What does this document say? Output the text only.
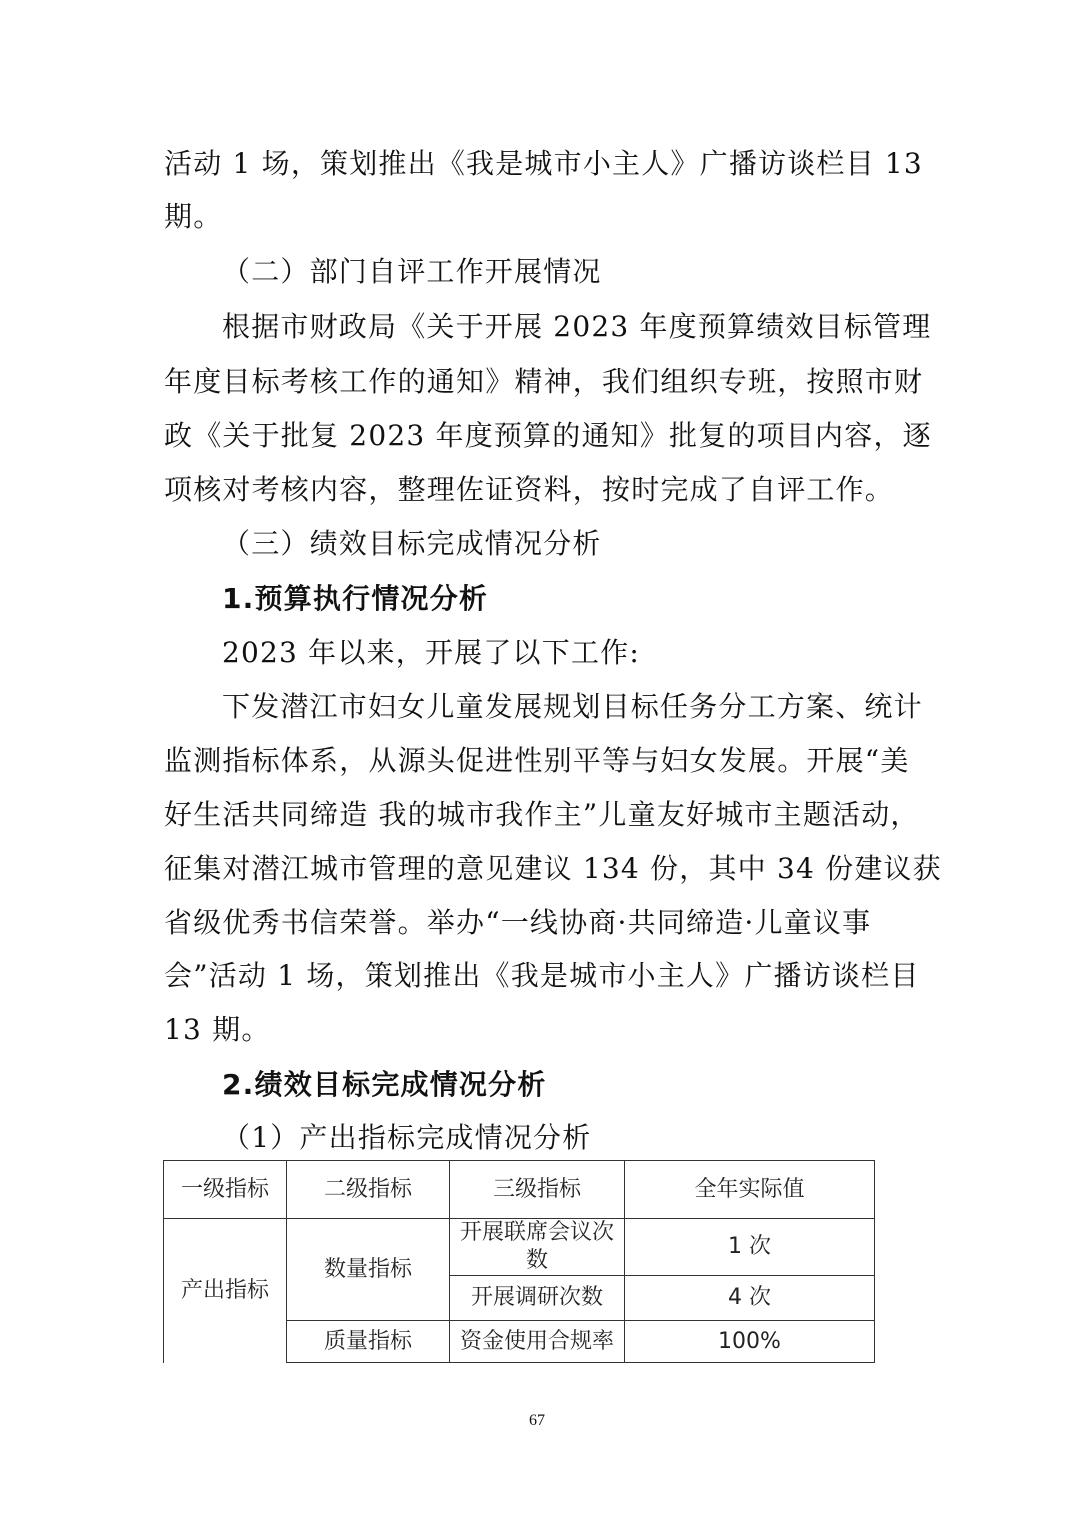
活动 1 场，策划推出《我是城市小主人》广播访谈栏目 13
期。
（二）部门自评工作开展情况
根据市财政局《关于开展 2023 年度预算绩效目标管理
年度目标考核工作的通知》精神，我们组织专班，按照市财
政《关于批复 2023 年度预算的通知》批复的项目内容，逐
项核对考核内容，整理佐证资料，按时完成了自评工作。
（三）绩效目标完成情况分析
1.预算执行情况分析
2023 年以来，开展了以下工作:
下发潜江市妇女儿童发展规划目标任务分工方案、统计
监测指标体系，从源头促进性别平等与妇女发展。开展“美
好生活共同缔造 我的城市我作主”儿童友好城市主题活动，
征集对潜江城市管理的意见建议 134 份，其中 34 份建议获
省级优秀书信荣誉。举办“一线协商·共同缔造·儿童议事
会”活动 1 场，策划推出《我是城市小主人》广播访谈栏目
13 期。
2.绩效目标完成情况分析
（1）产出指标完成情况分析
一级指标	二级指标	三级指标	全年实际值
产出指标	数量指标	开展联席会议次数	1 次
		开展调研次数	4 次
	质量指标	资金使用合规率	100%
67
